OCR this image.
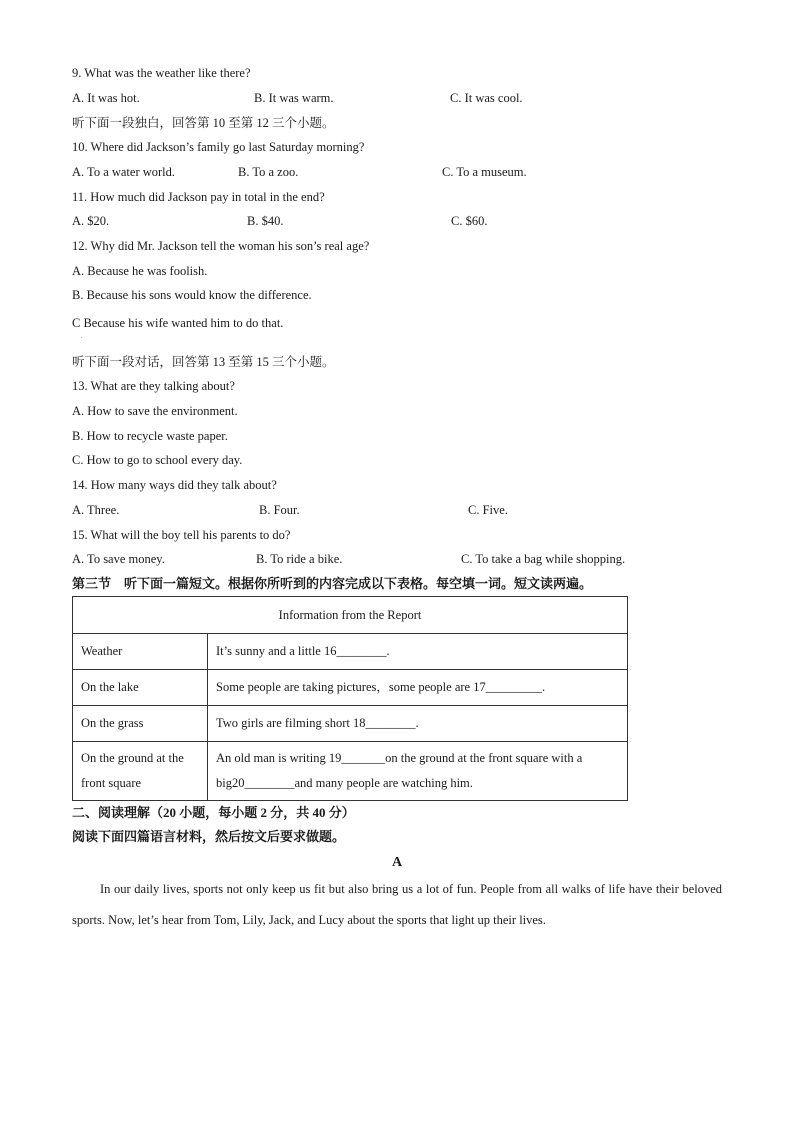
9. What was the weather like there?
A. It was hot.	B. It was warm.	C. It was cool.
听下面一段独白，回答第 10 至第 12 三个小题。
10. Where did Jackson’s family go last Saturday morning?
A. To a water world.	B. To a zoo.	C. To a museum.
11. How much did Jackson pay in total in the end?
A. $20.	B. $40.	C. $60.
12. Why did Mr. Jackson tell the woman his son’s real age?
A. Because he was foolish.
B. Because his sons would know the difference.
C Because his wife wanted him to do that.
.
听下面一段对话，回答第 13 至第 15 三个小题。
13. What are they talking about?
A. How to save the environment.
B. How to recycle waste paper.
C. How to go to school every day.
14. How many ways did they talk about?
A. Three.	B. Four.	C. Five.
15. What will the boy tell his parents to do?
A. To save money.	B. To ride a bike.	C. To take a bag while shopping.
第三节　听下面一篇短文。根据你所听到的内容完成以下表格。每空填一词。短文读两遍。
Information from the Report	
Weather	It’s sunny and a little 16________.
On the lake	Some people are taking pictures，some people are 17_________.
On the grass	Two girls are filming short 18________.
On the ground at the front square	An old man is writing 19_______on the ground at the front square with a big20________and many people are watching him.
二、阅读理解（20 小题，每小题 2 分，共 40 分）
阅读下面四篇语言材料，然后按文后要求做题。
A
In our daily lives, sports not only keep us fit but also bring us a lot of fun. People from all walks of life have their beloved sports. Now, let’s hear from Tom, Lily, Jack, and Lucy about the sports that light up their lives.
